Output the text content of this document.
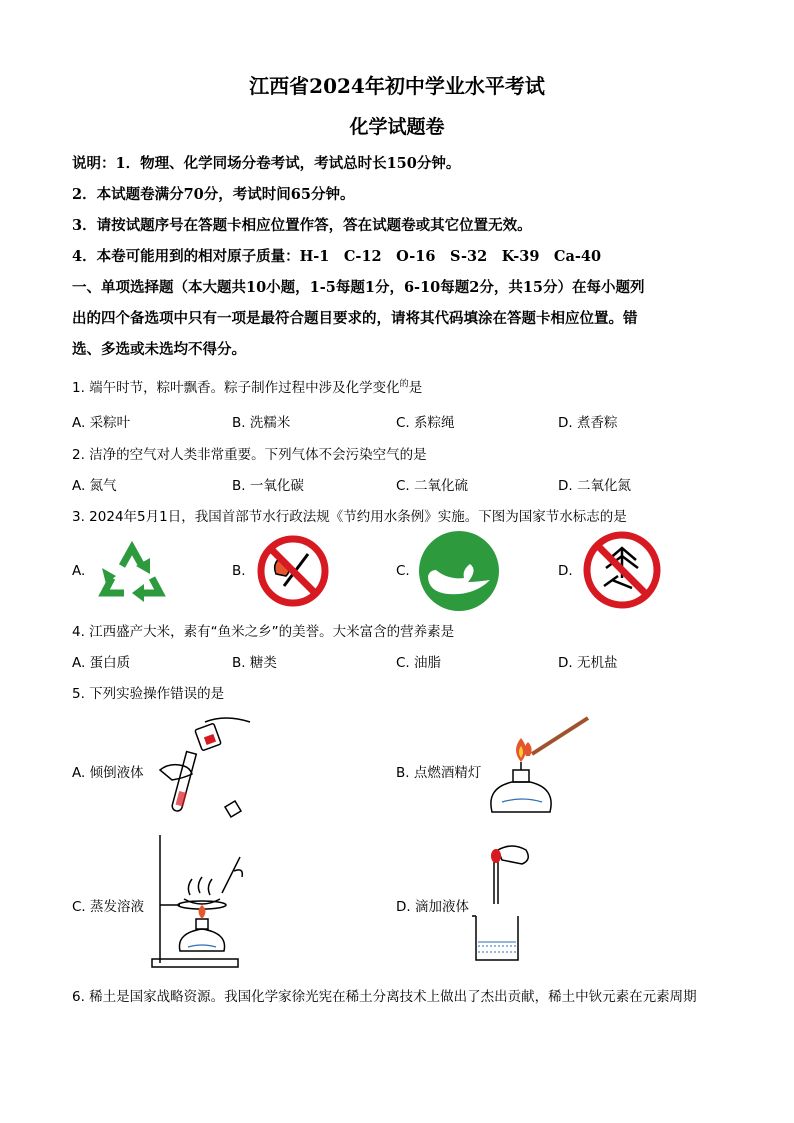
江西省2024年初中学业水平考试
化学试题卷
说明：1．物理、化学同场分卷考试，考试总时长150分钟。
2．本试题卷满分70分，考试时间65分钟。
3．请按试题序号在答题卡相应位置作答，答在试题卷或其它位置无效。
4．本卷可能用到的相对原子质量：H-1　C-12　O-16　S-32　K-39　Ca-40
一、单项选择题（本大题共10小题，1-5每题1分，6-10每题2分，共15分）在每小题列
出的四个备选项中只有一项是最符合题目要求的，请将其代码填涂在答题卡相应位置。错
选、多选或未选均不得分。
1. 端午时节，粽叶飘香。粽子制作过程中涉及化学变化$^的$是
A. 采粽叶	B. 洗糯米	C. 系粽绳	D. 煮香粽
2. 洁净的空气对人类非常重要。下列气体不会污染空气的是
A. 氮气	B. 一氧化碳	C. 二氧化硫	D. 二氧化氮
3. 2024年5月1日，我国首部节水行政法规《节约用水条例》实施。下图为国家节水标志的是
A.	B.	C.	D.
4. 江西盛产大米，素有“鱼米之乡”的美誉。大米富含的营养素是
A. 蛋白质	B. 糖类	C. 油脂	D. 无机盐
5. 下列实验操作错误的是
A. 倾倒液体	B. 点燃酒精灯
C. 蒸发溶液	D. 滴加液体
6. 稀土是国家战略资源。我国化学家徐光宪在稀土分离技术上做出了杰出贡献，稀土中钬元素在元素周期
